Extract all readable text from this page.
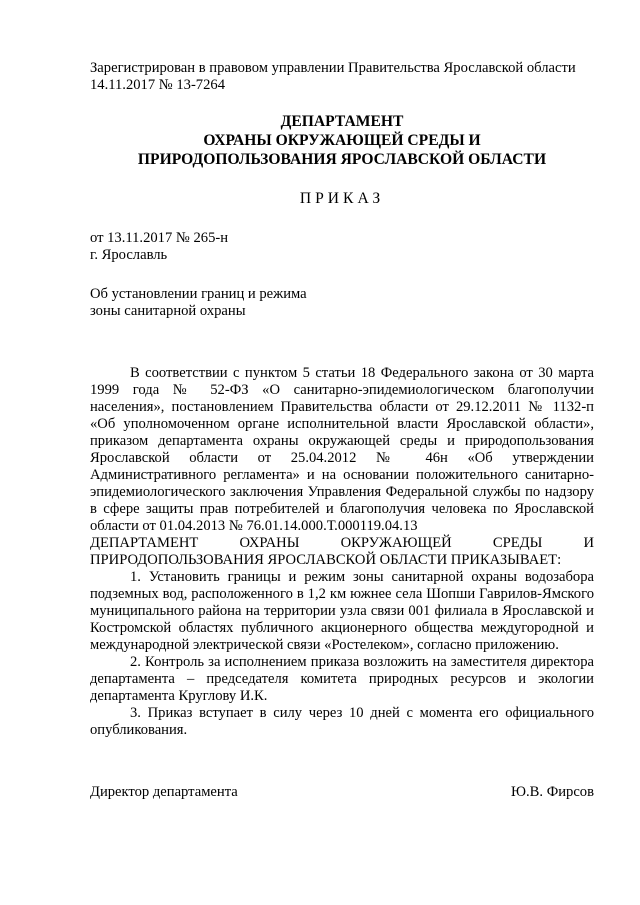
Зарегистрирован в правовом управлении Правительства Ярославской области

14.11.2017 № 13-7264

ДЕПАРТАМЕНТ

ОХРАНЫ ОКРУЖАЮЩЕЙ СРЕДЫ И

ПРИРОДОПОЛЬЗОВАНИЯ ЯРОСЛАВСКОЙ ОБЛАСТИ

ПРИКАЗ

от 13.11.2017 № 265-н

г. Ярославль

Об установлении границ и режима

зоны санитарной охраны

В соответствии с пунктом 5 статьи 18 Федерального закона от 30 марта 1999 года № 52-ФЗ «О санитарно-эпидемиологическом благополучии населения», постановлением Правительства области от 29.12.2011 № 1132-п «Об уполномоченном органе исполнительной власти Ярославской области», приказом департамента охраны окружающей среды и природопользования Ярославской области от 25.04.2012 № 46н «Об утверждении Административного регламента» и на основании положительного санитарно-эпидемиологического заключения Управления Федеральной службы по надзору в сфере защиты прав потребителей и благополучия человека по Ярославской области от 01.04.2013 № 76.01.14.000.Т.000119.04.13

ДЕПАРТАМЕНТ ОХРАНЫ ОКРУЖАЮЩЕЙ СРЕДЫ И ПРИРОДОПОЛЬЗОВАНИЯ ЯРОСЛАВСКОЙ ОБЛАСТИ ПРИКАЗЫВАЕТ:

1. Установить границы и режим зоны санитарной охраны водозабора подземных вод, расположенного в 1,2 км южнее села Шопши Гаврилов-Ямского муниципального района на территории узла связи 001 филиала в Ярославской и Костромской областях публичного акционерного общества междугородной и международной электрической связи «Ростелеком», согласно приложению.

2. Контроль за исполнением приказа возложить на заместителя директора департамента – председателя комитета природных ресурсов и экологии департамента Круглову И.К.

3. Приказ вступает в силу через 10 дней с момента его официального опубликования.

Директор департамента	Ю.В. Фирсов
